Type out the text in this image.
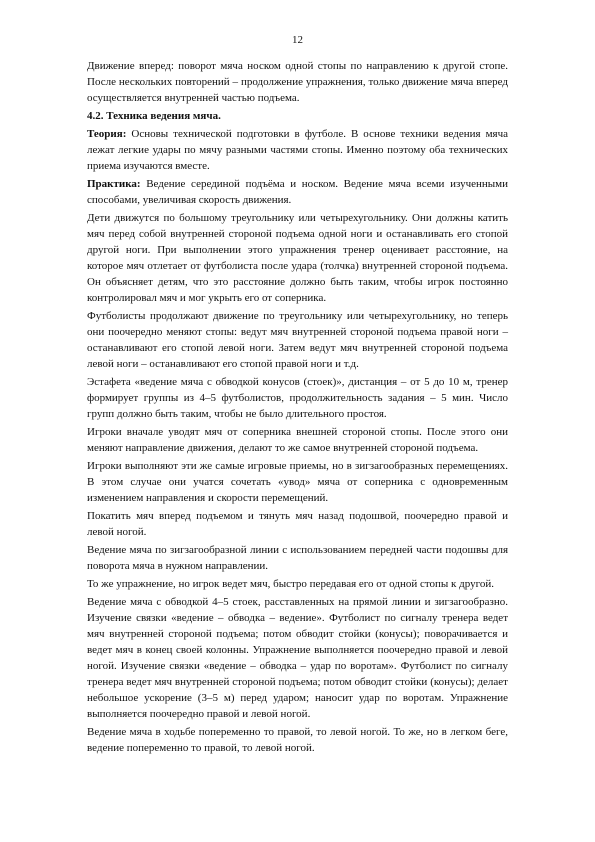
12

Движение вперед: поворот мяча носком одной стопы по направлению к другой стопе. После нескольких повторений – продолжение упражнения, только движение мяча вперед осуществляется внутренней частью подъема.

4.2. Техника ведения мяча.

Теория: Основы технической подготовки в футболе. В основе техники ведения мяча лежат легкие удары по мячу разными частями стопы. Именно поэтому оба технических приема изучаются вместе.

Практика: Ведение серединой подъёма и носком. Ведение мяча всеми изученными способами, увеличивая скорость движения.

Дети движутся по большому треугольнику или четырехугольнику. Они должны катить мяч перед собой внутренней стороной подъема одной ноги и останавливать его стопой другой ноги. При выполнении этого упражнения тренер оценивает расстояние, на которое мяч отлетает от футболиста после удара (толчка) внутренней стороной подъема. Он объясняет детям, что это расстояние должно быть таким, чтобы игрок постоянно контролировал мяч и мог укрыть его от соперника.

Футболисты продолжают движение по треугольнику или четырехугольнику, но теперь они поочередно меняют стопы: ведут мяч внутренней стороной подъема правой ноги – останавливают его стопой левой ноги. Затем ведут мяч внутренней стороной подъема левой ноги – останавливают его стопой правой ноги и т.д.

Эстафета «ведение мяча с обводкой конусов (стоек)», дистанция – от 5 до 10 м, тренер формирует группы из 4–5 футболистов, продолжительность задания – 5 мин. Число групп должно быть таким, чтобы не было длительного простоя.

Игроки вначале уводят мяч от соперника внешней стороной стопы. После этого они меняют направление движения, делают то же самое внутренней стороной подъема.

Игроки выполняют эти же самые игровые приемы, но в зигзагообразных перемещениях. В этом случае они учатся сочетать «увод» мяча от соперника с одновременным изменением направления и скорости перемещений.

Покатить мяч вперед подъемом и тянуть мяч назад подошвой, поочередно правой и левой ногой.

Ведение мяча по зигзагообразной линии с использованием передней части подошвы для поворота мяча в нужном направлении.

То же упражнение, но игрок ведет мяч, быстро передавая его от одной стопы к другой.

Ведение мяча с обводкой 4–5 стоек, расставленных на прямой линии и зигзагообразно. Изучение связки «ведение – обводка – ведение». Футболист по сигналу тренера ведет мяч внутренней стороной подъема; потом обводит стойки (конусы); поворачивается и ведет мяч в конец своей колонны. Упражнение выполняется поочередно правой и левой ногой. Изучение связки «ведение – обводка – удар по воротам». Футболист по сигналу тренера ведет мяч внутренней стороной подъема; потом обводит стойки (конусы); делает небольшое ускорение (3–5 м) перед ударом; наносит удар по воротам. Упражнение выполняется поочередно правой и левой ногой.

Ведение мяча в ходьбе попеременно то правой, то левой ногой. То же, но в легком беге, ведение попеременно то правой, то левой ногой.
